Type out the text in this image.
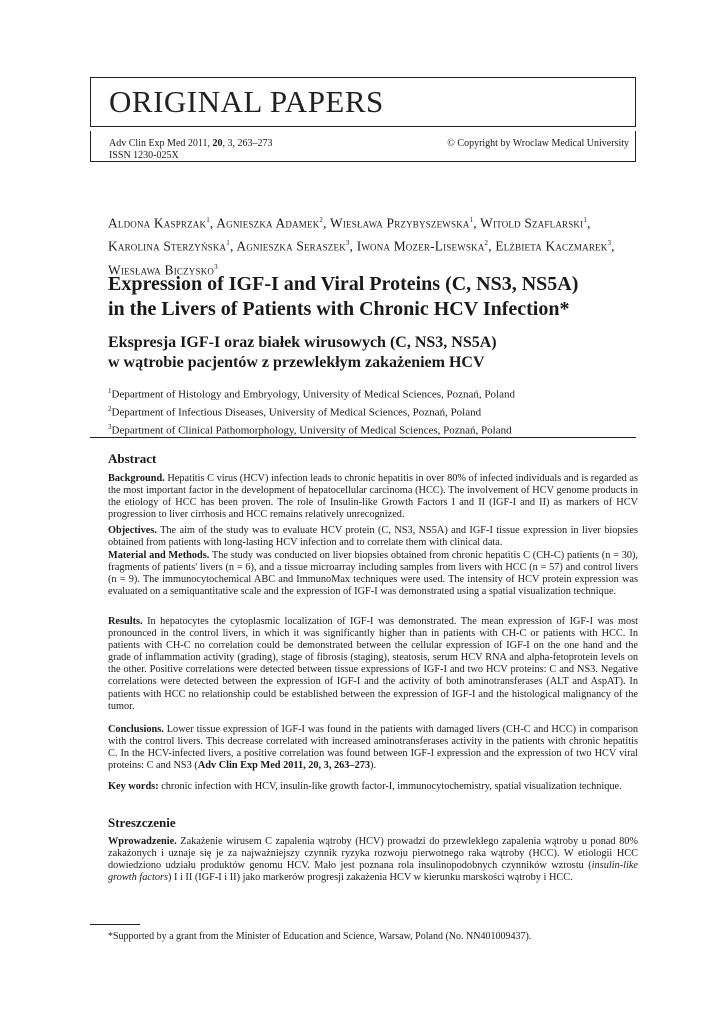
ORIGINAL PAPERS
Adv Clin Exp Med 2011, 20, 3, 263–273
ISSN 1230-025X
© Copyright by Wroclaw Medical University
Aldona Kasprzak$^1$, Agnieszka Adamek$^2$, Wiesława Przybyszewska$^1$, Witold Szaflarski$^1$, Karolina Sterzyńska$^1$, Agnieszka Seraszek$^3$, Iwona Mozer-Lisewska$^2$, Elżbieta Kaczmarek$^3$, Wiesława Biczysko$^3$
Expression of IGF-I and Viral Proteins (C, NS3, NS5A)
in the Livers of Patients with Chronic HCV Infection*
Ekspresja IGF-I oraz białek wirusowych (C, NS3, NS5A)
w wątrobie pacjentów z przewlekłym zakażeniem HCV
$^1$Department of Histology and Embryology, University of Medical Sciences, Poznań, Poland
$^2$Department of Infectious Diseases, University of Medical Sciences, Poznań, Poland
$^3$Department of Clinical Pathomorphology, University of Medical Sciences, Poznań, Poland
Abstract

Background. Hepatitis C virus (HCV) infection leads to chronic hepatitis in over 80% of infected individuals and is regarded as the most important factor in the development of hepatocellular carcinoma (HCC). The involvement of HCV genome products in the etiology of HCC has been proven. The role of Insulin-like Growth Factors I and II (IGF-I and II) as markers of HCV progression to liver cirrhosis and HCC remains relatively unrecognized.

Objectives. The aim of the study was to evaluate HCV protein (C, NS3, NS5A) and IGF-I tissue expression in liver biopsies obtained from patients with long-lasting HCV infection and to correlate them with clinical data.

Material and Methods. The study was conducted on liver biopsies obtained from chronic hepatitis C (CH-C) patients (n = 30), fragments of patients' livers (n = 6), and a tissue microarray including samples from livers with HCC (n = 57) and control livers (n = 9). The immunocytochemical ABC and ImmunoMax techniques were used. The intensity of HCV protein expression was evaluated on a semiquantitative scale and the expression of IGF-I was demonstrated using a spatial visualization technique.

Results. In hepatocytes the cytoplasmic localization of IGF-I was demonstrated. The mean expression of IGF-I was most pronounced in the control livers, in which it was significantly higher than in patients with CH-C or patients with HCC. In patients with CH-C no correlation could be demonstrated between the cellular expression of IGF-I on the one hand and the grade of inflammation activity (grading), stage of fibrosis (staging), steatosis, serum HCV RNA and alpha-fetoprotein levels on the other. Positive correlations were detected between tissue expressions of IGF-I and two HCV proteins: C and NS3. Negative correlations were detected between the expression of IGF-I and the activity of both aminotransferases (ALT and AspAT). In patients with HCC no relationship could be established between the expression of IGF-I and the histological malignancy of the tumor.

Conclusions. Lower tissue expression of IGF-I was found in the patients with damaged livers (CH-C and HCC) in comparison with the control livers. This decrease correlated with increased aminotransferases activity in the patients with chronic hepatitis C. In the HCV-infected livers, a positive correlation was found between IGF-I expression and the expression of two HCV viral proteins: C and NS3 (Adv Clin Exp Med 2011, 20, 3, 263–273).

Key words: chronic infection with HCV, insulin-like growth factor-I, immunocytochemistry, spatial visualization technique.

Streszczenie

Wprowadzenie. Zakażenie wirusem C zapalenia wątroby (HCV) prowadzi do przewlekłego zapalenia wątroby u ponad 80% zakażonych i uznaje się je za najważniejszy czynnik ryzyka rozwoju pierwotnego raka wątroby (HCC). W etiologii HCC dowiedziono udziału produktów genomu HCV. Mało jest poznana rola insulinopodobnych czynników wzrostu (insulin-like growth factors) I i II (IGF-I i II) jako markerów progresji zakażenia HCV w kierunku marskości wątroby i HCC.

*Supported by a grant from the Minister of Education and Science, Warsaw, Poland (No. NN401009437).
